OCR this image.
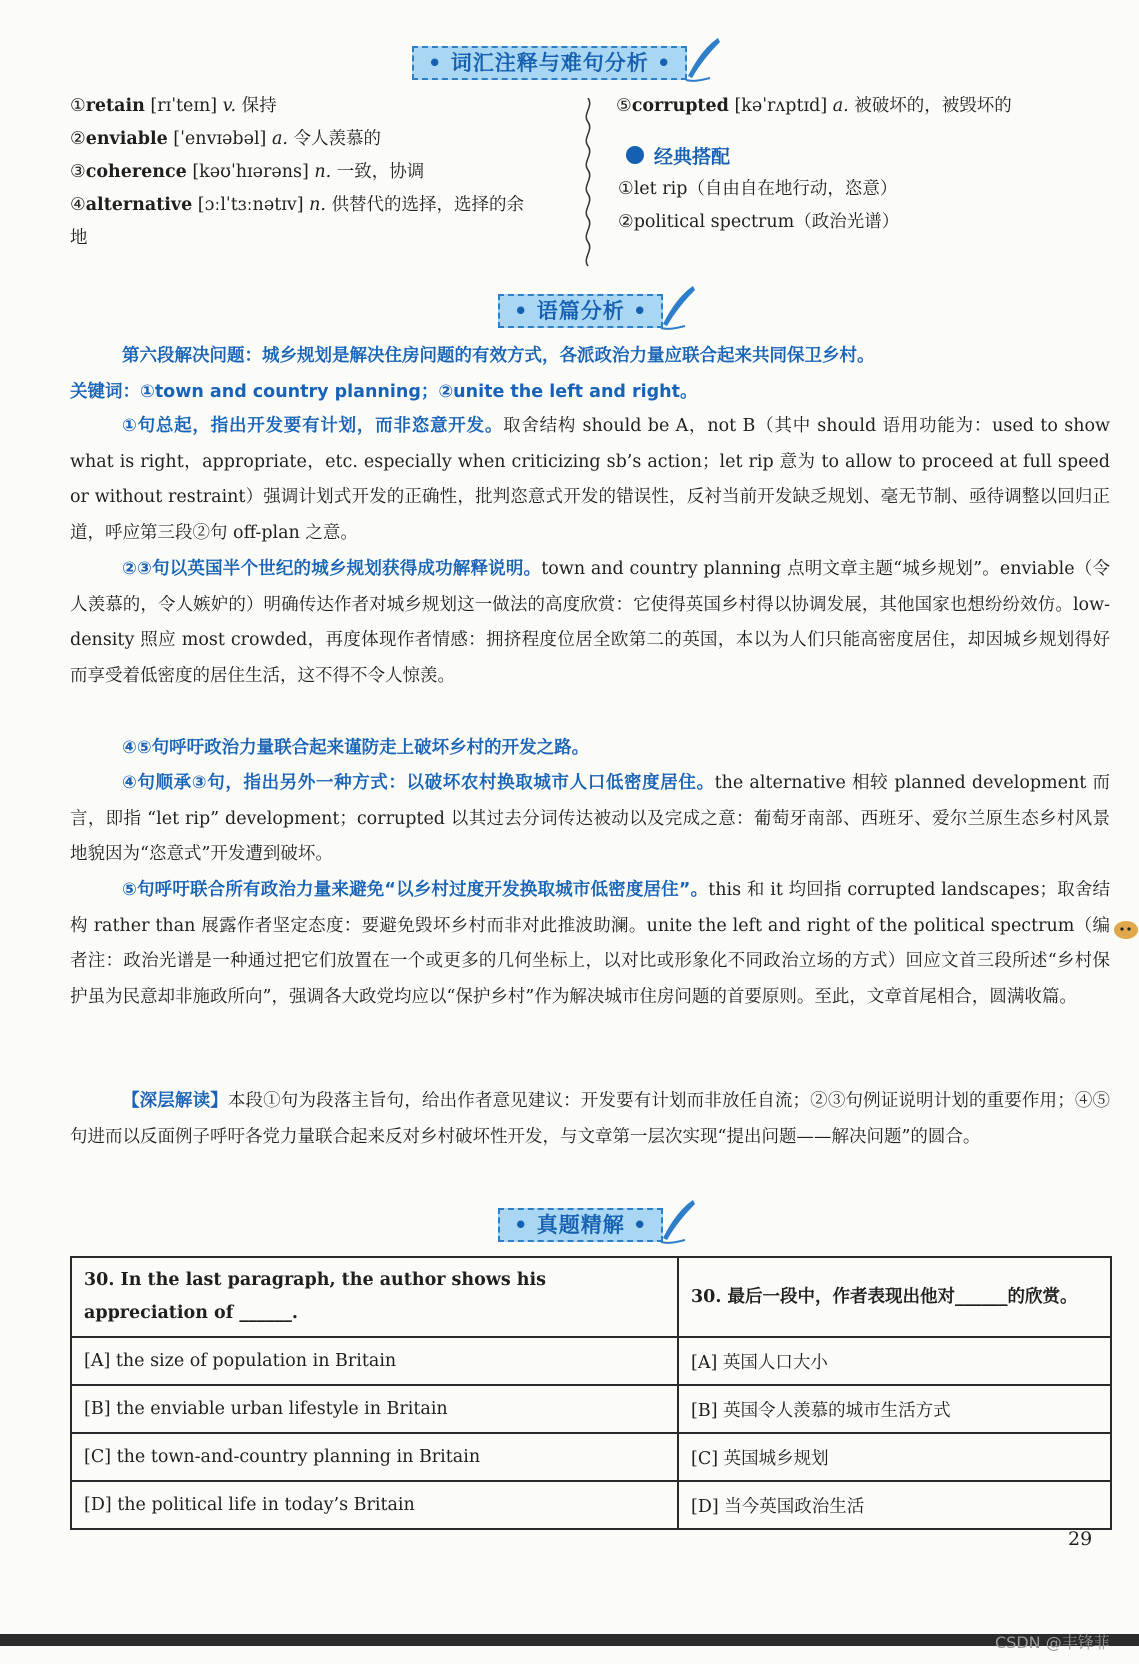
• 词汇注释与难句分析 •
①retain [rɪˈteɪn] v. 保持
②enviable [ˈenvɪəbəl] a. 令人羡慕的
③coherence [kəʊˈhɪərəns] n. 一致，协调
④alternative [ɔːlˈtɜːnətɪv] n. 供替代的选择，选择的余地
⑤corrupted [kəˈrʌptɪd] a. 被破坏的，被毁坏的
经典搭配
①let rip（自由自在地行动，恣意）
②political spectrum（政治光谱）
• 语篇分析 •

第六段解决问题：城乡规划是解决住房问题的有效方式，各派政治力量应联合起来共同保卫乡村。

关键词：①town and country planning；②unite the left and right。

①句总起，指出开发要有计划，而非恣意开发。取舍结构 should be A，not B（其中 should 语用功能为：used to show what is right，appropriate，etc. especially when criticizing sb’s action；let rip 意为 to allow to proceed at full speed or without restraint）强调计划式开发的正确性，批判恣意式开发的错误性，反衬当前开发缺乏规划、毫无节制、亟待调整以回归正道，呼应第三段②句 off-plan 之意。

②③句以英国半个世纪的城乡规划获得成功解释说明。town and country planning 点明文章主题“城乡规划”。enviable（令人羡慕的，令人嫉妒的）明确传达作者对城乡规划这一做法的高度欣赏：它使得英国乡村得以协调发展，其他国家也想纷纷效仿。low-density 照应 most crowded，再度体现作者情感：拥挤程度位居全欧第二的英国，本以为人们只能高密度居住，却因城乡规划得好而享受着低密度的居住生活，这不得不令人惊羡。

④⑤句呼吁政治力量联合起来谨防走上破坏乡村的开发之路。

④句顺承③句，指出另外一种方式：以破坏农村换取城市人口低密度居住。the alternative 相较 planned development 而言，即指 “let rip” development；corrupted 以其过去分词传达被动以及完成之意：葡萄牙南部、西班牙、爱尔兰原生态乡村风景地貌因为“恣意式”开发遭到破坏。

⑤句呼吁联合所有政治力量来避免“以乡村过度开发换取城市低密度居住”。this 和 it 均回指 corrupted landscapes；取舍结构 rather than 展露作者坚定态度：要避免毁坏乡村而非对此推波助澜。unite the left and right of the political spectrum（编者注：政治光谱是一种通过把它们放置在一个或更多的几何坐标上，以对比或形象化不同政治立场的方式）回应文首三段所述“乡村保护虽为民意却非施政所向”，强调各大政党均应以“保护乡村”作为解决城市住房问题的首要原则。至此，文章首尾相合，圆满收篇。

【深层解读】本段①句为段落主旨句，给出作者意见建议：开发要有计划而非放任自流；②③句例证说明计划的重要作用；④⑤句进而以反面例子呼吁各党力量联合起来反对乡村破坏性开发，与文章第一层次实现“提出问题——解决问题”的圆合。

• 真题精解 •
30. In the last paragraph, the author shows his appreciation of ______.	30. 最后一段中，作者表现出他对______的欣赏。
[A] the size of population in Britain	[A] 英国人口大小
[B] the enviable urban lifestyle in Britain	[B] 英国令人羡慕的城市生活方式
[C] the town-and-country planning in Britain	[C] 英国城乡规划
[D] the political life in today’s Britain	[D] 当今英国政治生活
29
CSDN @丰锋菲
